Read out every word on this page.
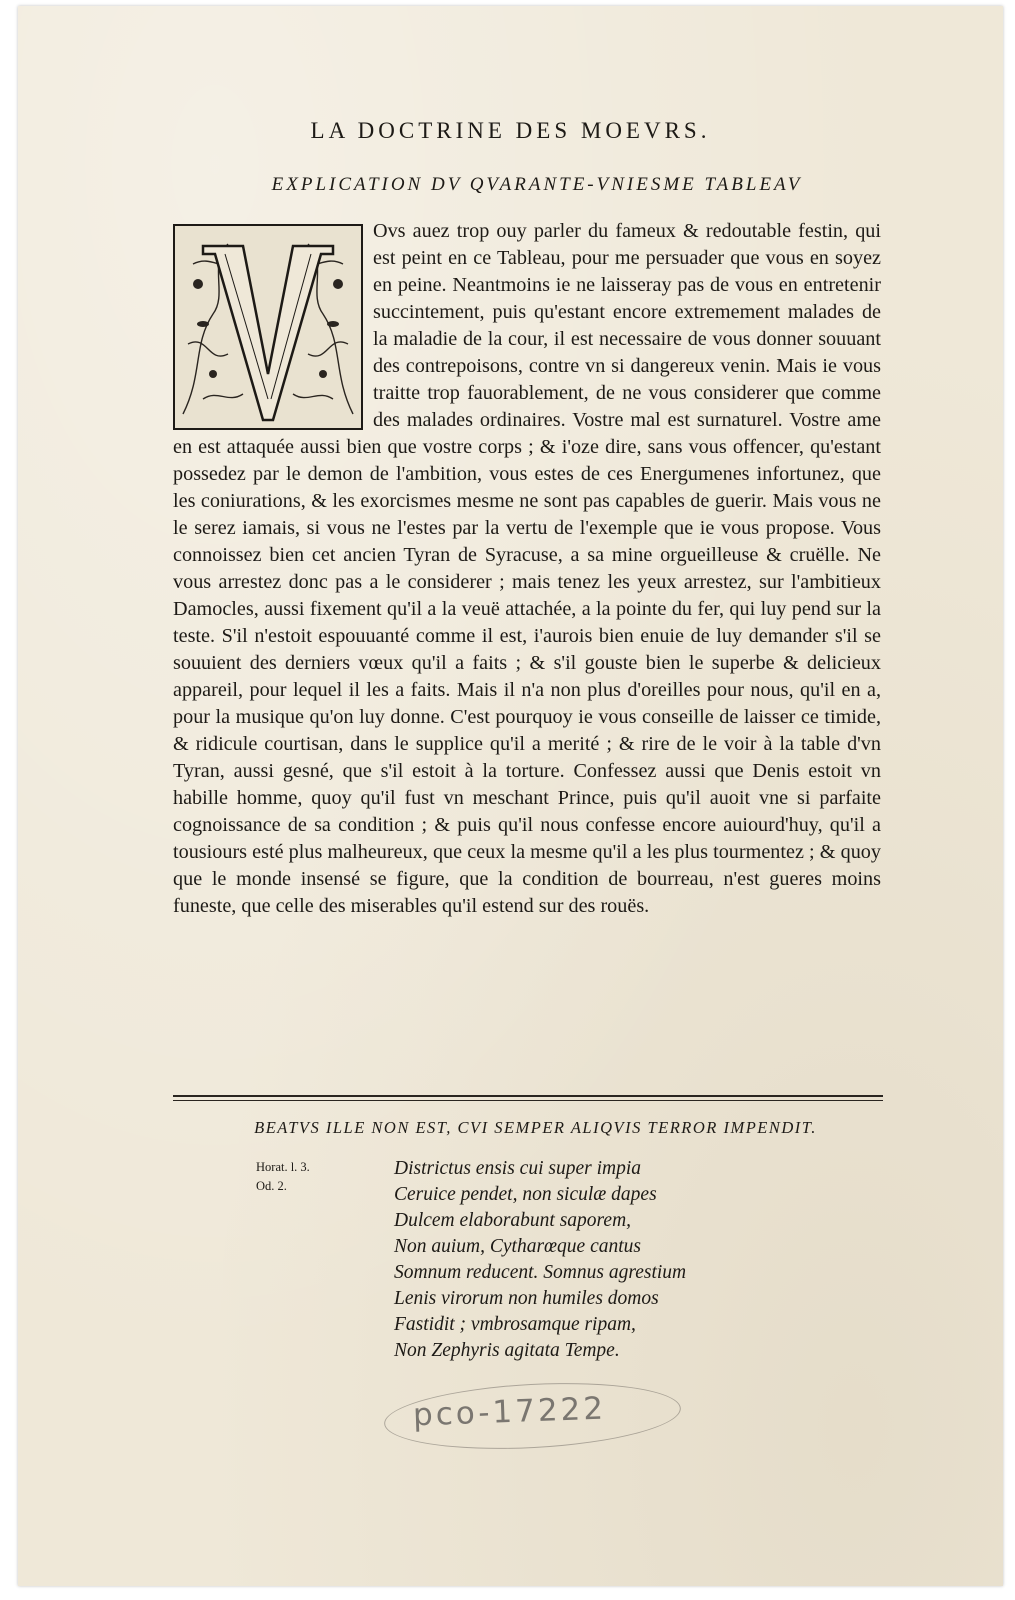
LA DOCTRINE DES MOEVRS.
EXPLICATION DV QVARANTE-VNIESME TABLEAV
Ovs auez trop ouy parler du fameux & redoutable festin, qui est peint en ce Tableau, pour me persuader que vous en soyez en peine. Neantmoins ie ne laisseray pas de vous en entretenir succintement, puis qu'estant encore extremement malades de la maladie de la cour, il est necessaire de vous donner souuant des contrepoisons, contre vn si dangereux venin. Mais ie vous traitte trop fauorablement, de ne vous considerer que comme des malades ordinaires. Vostre mal est surnaturel. Vostre ame en est attaquée aussi bien que vostre corps ; & i'oze dire, sans vous offencer, qu'estant possedez par le demon de l'ambition, vous estes de ces Energumenes infortunez, que les coniurations, & les exorcismes mesme ne sont pas capables de guerir. Mais vous ne le serez iamais, si vous ne l'estes par la vertu de l'exemple que ie vous propose. Vous connoissez bien cet ancien Tyran de Syracuse, a sa mine orgueilleuse & cruëlle. Ne vous arrestez donc pas a le considerer ; mais tenez les yeux arrestez, sur l'ambitieux Damocles, aussi fixement qu'il a la veuë attachée, a la pointe du fer, qui luy pend sur la teste. S'il n'estoit espouuanté comme il est, i'aurois bien enuie de luy demander s'il se souuient des derniers vœux qu'il a faits ; & s'il gouste bien le superbe & delicieux appareil, pour lequel il les a faits. Mais il n'a non plus d'oreilles pour nous, qu'il en a, pour la musique qu'on luy donne. C'est pourquoy ie vous conseille de laisser ce timide, & ridicule courtisan, dans le supplice qu'il a merité ; & rire de le voir à la table d'vn Tyran, aussi gesné, que s'il estoit à la torture. Confessez aussi que Denis estoit vn habille homme, quoy qu'il fust vn meschant Prince, puis qu'il auoit vne si parfaite cognoissance de sa condition ; & puis qu'il nous confesse encore auiourd'huy, qu'il a tousiours esté plus malheureux, que ceux la mesme qu'il a les plus tourmentez ; & quoy que le monde insensé se figure, que la condition de bourreau, n'est gueres moins funeste, que celle des miserables qu'il estend sur des rouës.
BEATVS ILLE NON EST, CVI SEMPER ALIQVIS TERROR IMPENDIT.
Horat. l. 3.
Od. 2.
Districtus ensis cui super impia
Ceruice pendet, non siculæ dapes
Dulcem elaborabunt saporem,
Non auium, Cytharœque cantus
Somnum reducent. Somnus agrestium
Lenis virorum non humiles domos
Fastidit ; vmbrosamque ripam,
Non Zephyris agitata Tempe.
pco-17222
